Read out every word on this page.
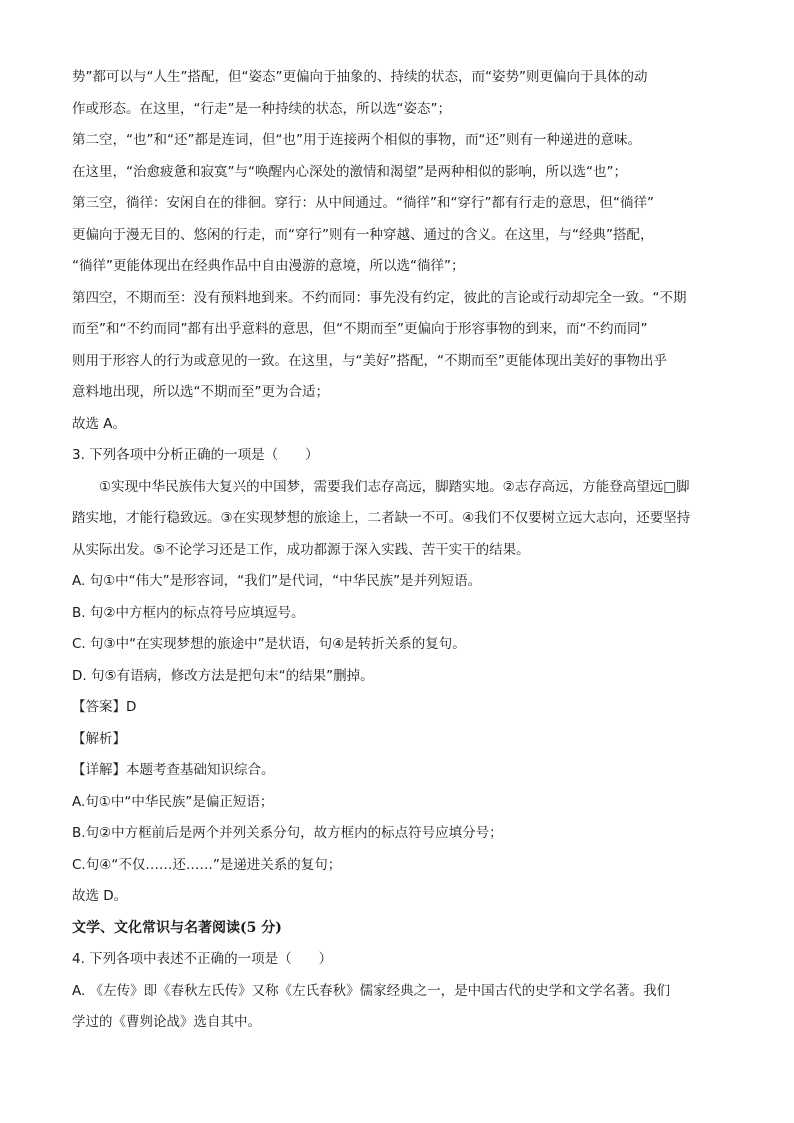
势”都可以与“人生”搭配，但“姿态”更偏向于抽象的、持续的状态，而“姿势”则更偏向于具体的动
作或形态。在这里，“行走”是一种持续的状态，所以选“姿态”；
第二空，“也”和“还”都是连词，但“也”用于连接两个相似的事物，而“还”则有一种递进的意味。
在这里，“治愈疲惫和寂寞”与“唤醒内心深处的激情和渴望”是两种相似的影响，所以选“也”；
第三空，徜徉：安闲自在的徘徊。穿行：从中间通过。“徜徉”和“穿行”都有行走的意思，但“徜徉”
更偏向于漫无目的、悠闲的行走，而“穿行”则有一种穿越、通过的含义。在这里，与“经典”搭配，
“徜徉”更能体现出在经典作品中自由漫游的意境，所以选“徜徉”；
第四空，不期而至：没有预料地到来。不约而同：事先没有约定，彼此的言论或行动却完全一致。“不期
而至”和“不约而同”都有出乎意料的意思，但“不期而至”更偏向于形容事物的到来，而“不约而同”
则用于形容人的行为或意见的一致。在这里，与“美好”搭配，“不期而至”更能体现出美好的事物出乎
意料地出现，所以选“不期而至”更为合适；
故选 A。
3. 下列各项中分析正确的一项是（　　）
①实现中华民族伟大复兴的中国梦，需要我们志存高远，脚踏实地。②志存高远，方能登高望远□脚
踏实地，才能行稳致远。③在实现梦想的旅途上，二者缺一不可。④我们不仅要树立远大志向，还要坚持
从实际出发。⑤不论学习还是工作，成功都源于深入实践、苦干实干的结果。
A. 句①中“伟大”是形容词，“我们”是代词，“中华民族”是并列短语。
B. 句②中方框内的标点符号应填逗号。
C. 句③中“在实现梦想的旅途中”是状语，句④是转折关系的复句。
D. 句⑤有语病，修改方法是把句末“的结果”删掉。
【答案】D
【解析】
【详解】本题考查基础知识综合。
A.句①中“中华民族”是偏正短语；
B.句②中方框前后是两个并列关系分句，故方框内的标点符号应填分号；
C.句④“不仅……还……”是递进关系的复句；
故选 D。
文学、文化常识与名著阅读(5 分)
4. 下列各项中表述不正确的一项是（　　）
A. 《左传》即《春秋左氏传》又称《左氏春秋》儒家经典之一，是中国古代的史学和文学名著。我们
学过的《曹刿论战》选自其中。
